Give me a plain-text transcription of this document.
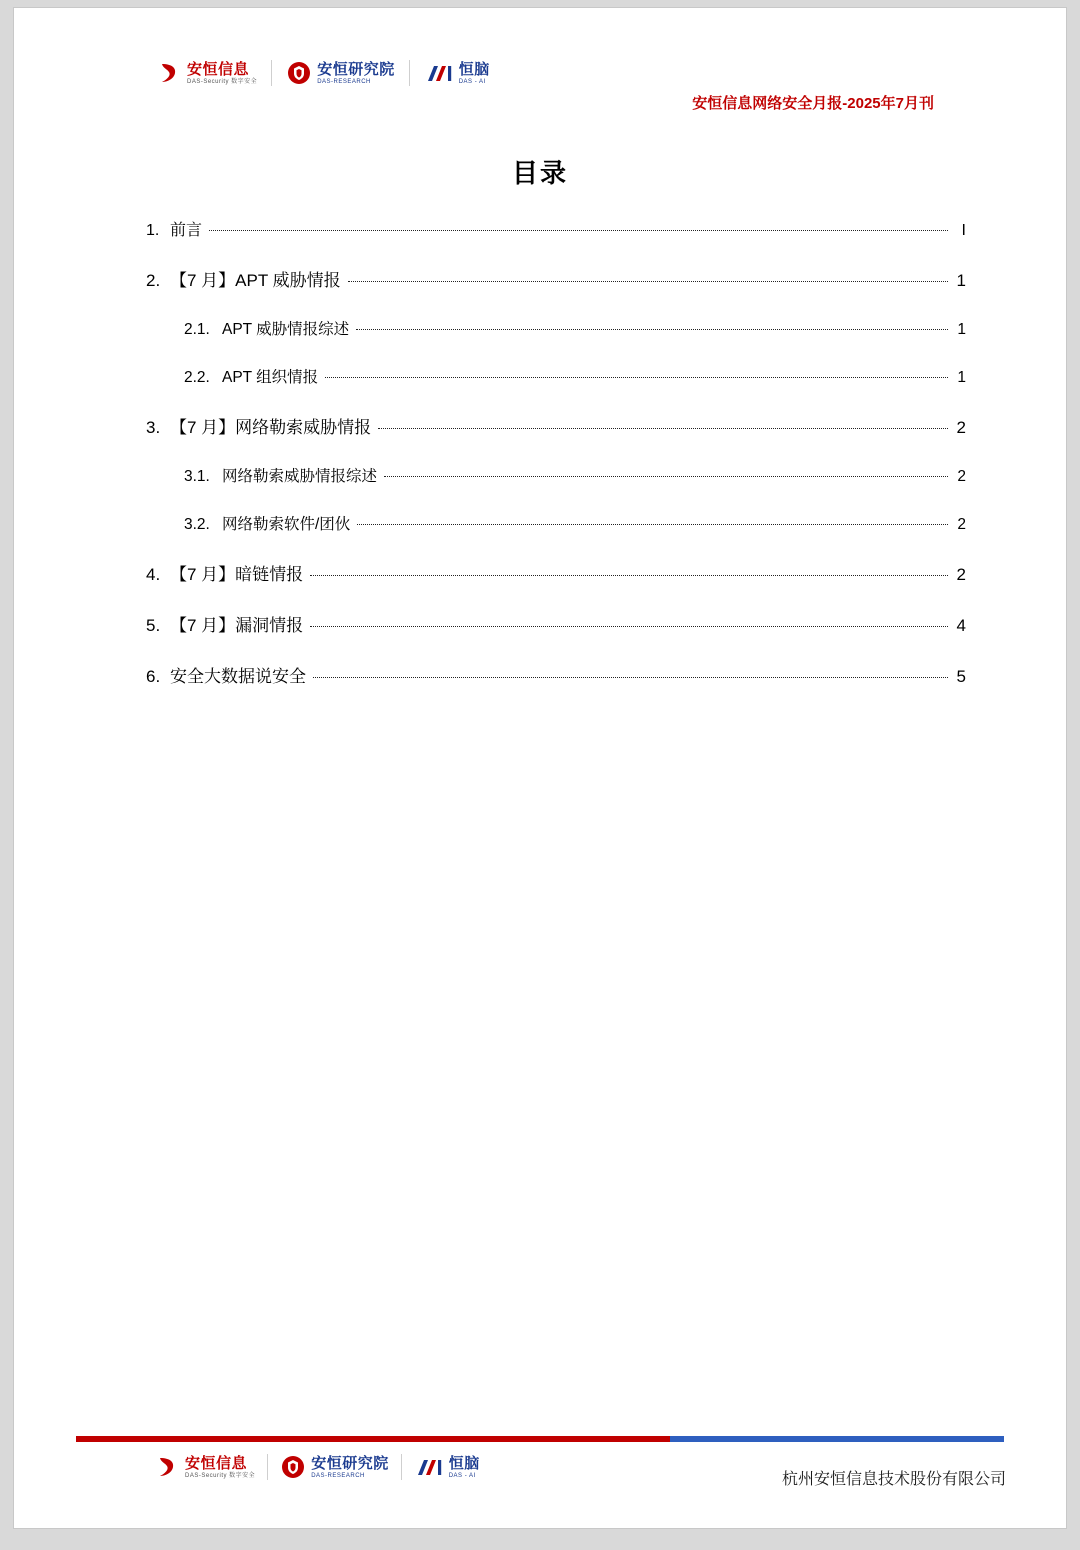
安恒信息
DAS-Security 数字安全
安恒研究院
DAS-RESEARCH
恒脑
DAS - AI
安恒信息网络安全月报-2025年7月刊
目录
1. 前言	I
2. 【7 月】APT 威胁情报	1
2.1. APT 威胁情报综述	1
2.2. APT 组织情报	1
3. 【7 月】网络勒索威胁情报	2
3.1. 网络勒索威胁情报综述	2
3.2. 网络勒索软件/团伙	2
4. 【7 月】暗链情报	2
5. 【7 月】漏洞情报	4
6. 安全大数据说安全	5
安恒信息
DAS-Security 数字安全
安恒研究院
DAS-RESEARCH
恒脑
DAS - AI	杭州安恒信息技术股份有限公司
